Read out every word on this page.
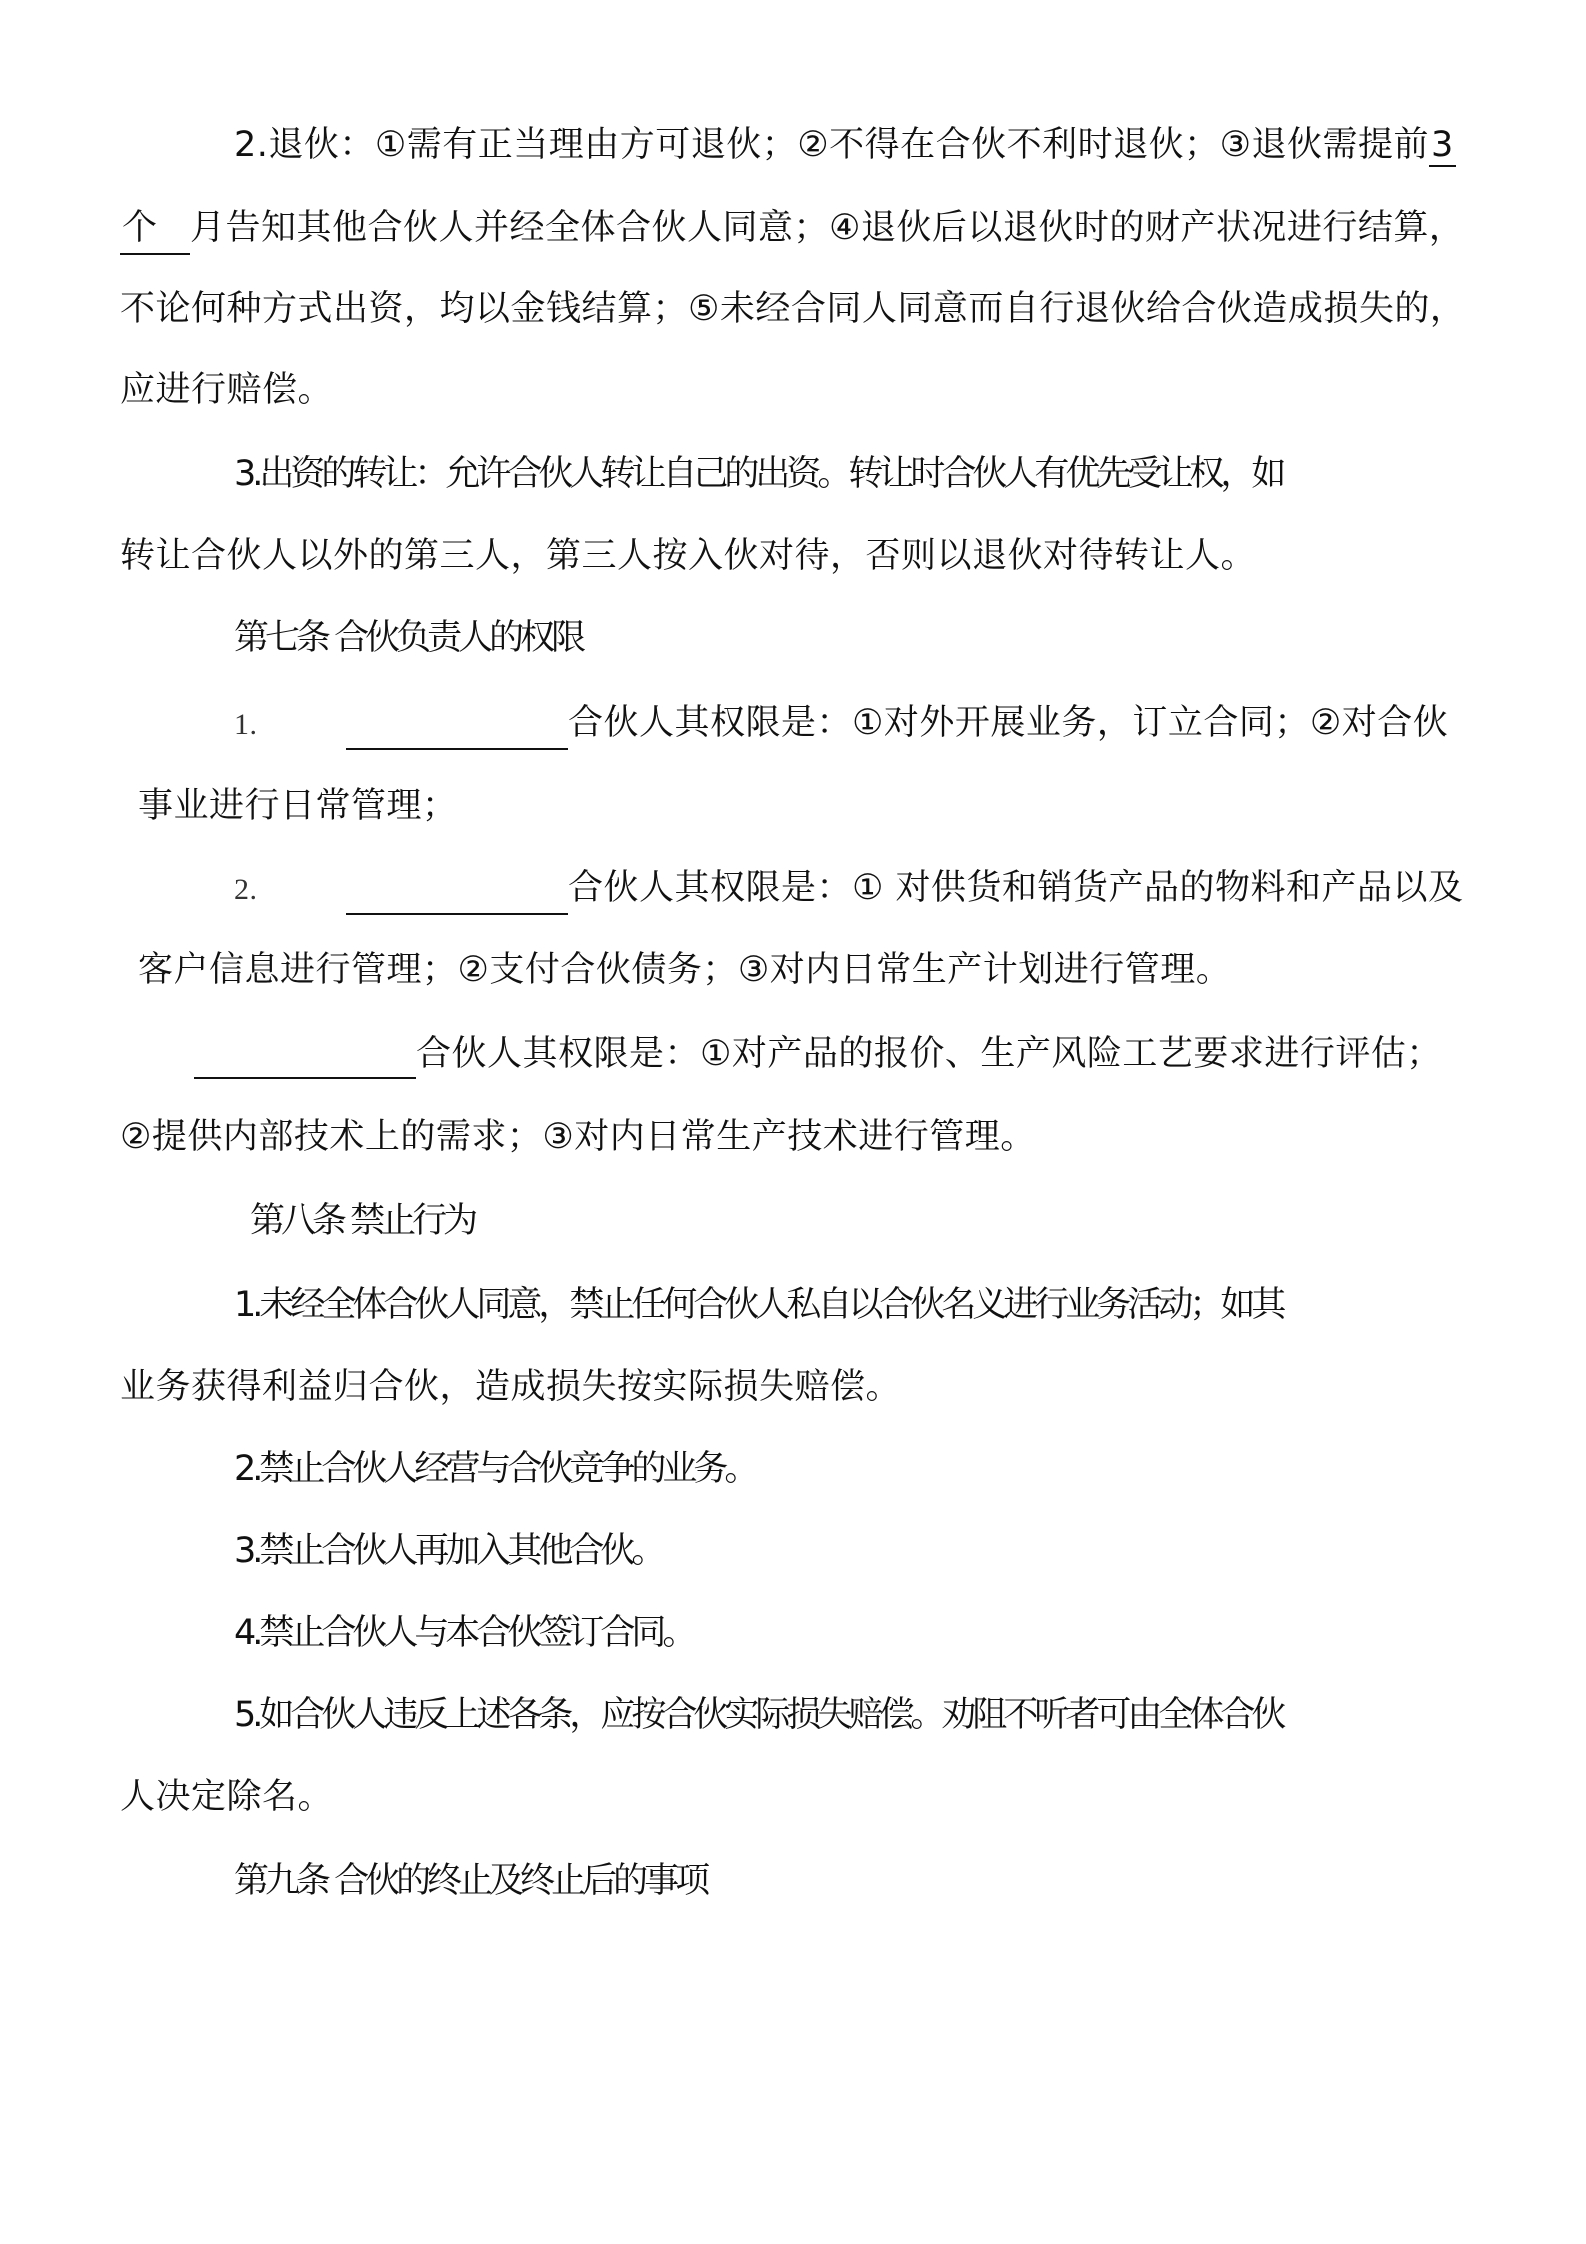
2.退伙：①需有正当理由方可退伙；②不得在合伙不利时退伙；③退伙需提前3
个 月告知其他合伙人并经全体合伙人同意；④退伙后以退伙时的财产状况进行结算，
不论何种方式出资，均以金钱结算；⑤未经合同人同意而自行退伙给合伙造成损失的，
应进行赔偿。
3.出资的转让：允许合伙人转让自己的出资。转让时合伙人有优先受让权，如
转让合伙人以外的第三人，第三人按入伙对待，否则以退伙对待转让人。
第七条 合伙负责人的权限
1.	合伙人其权限是：①对外开展业务，订立合同；②对合伙
事业进行日常管理；
2.	合伙人其权限是：① 对供货和销货产品的物料和产品以及
客户信息进行管理；②支付合伙债务；③对内日常生产计划进行管理。
合伙人其权限是：①对产品的报价、生产风险工艺要求进行评估；
②提供内部技术上的需求；③对内日常生产技术进行管理。
第八条 禁止行为
1.未经全体合伙人同意，禁止任何合伙人私自以合伙名义进行业务活动；如其
业务获得利益归合伙，造成损失按实际损失赔偿。
2.禁止合伙人经营与合伙竞争的业务。
3.禁止合伙人再加入其他合伙。
4.禁止合伙人与本合伙签订合同。
5.如合伙人违反上述各条，应按合伙实际损失赔偿。劝阻不听者可由全体合伙
人决定除名。
第九条 合伙的终止及终止后的事项
